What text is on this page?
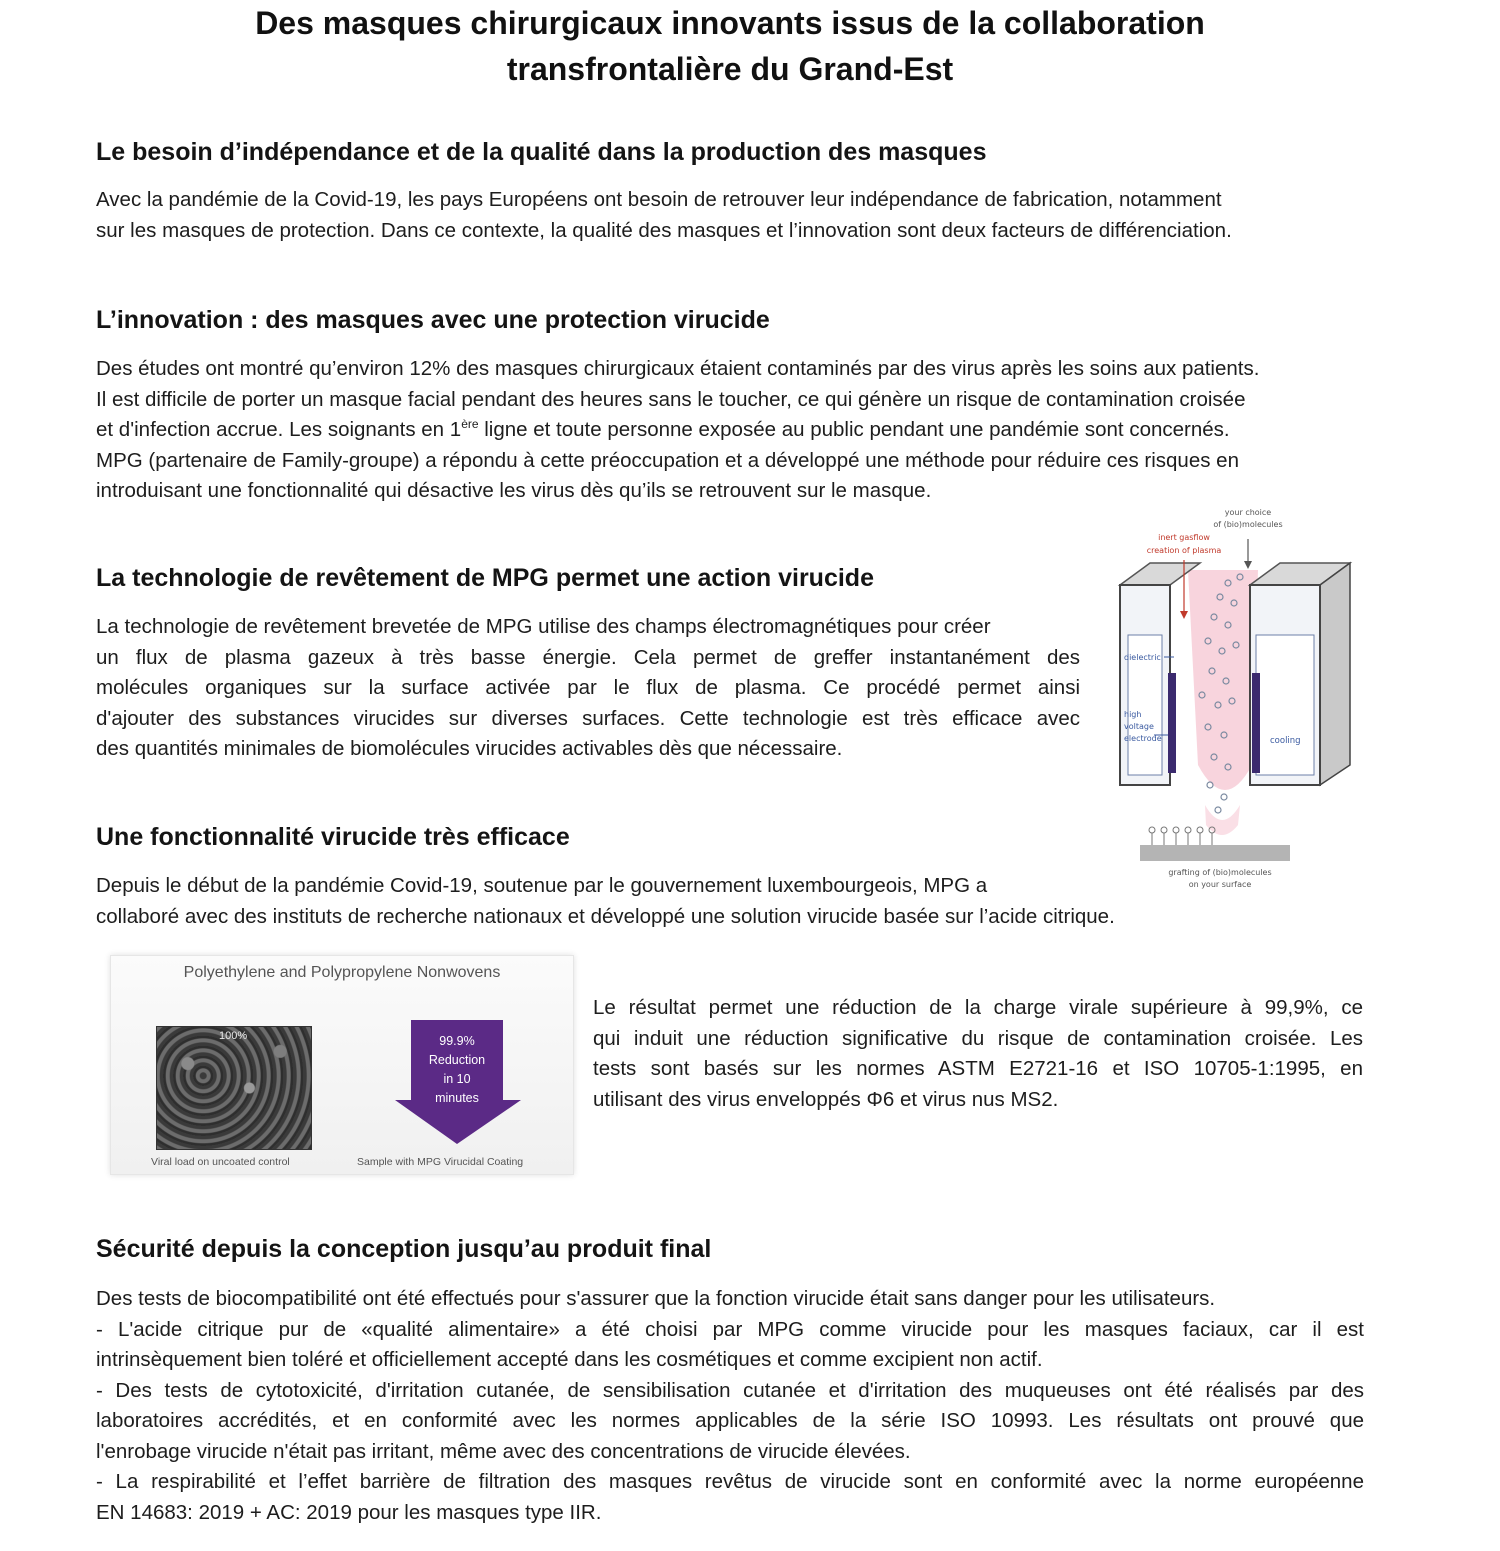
Des masques chirurgicaux innovants issus de la collaboration
transfrontalière du Grand-Est
Le besoin d’indépendance et de la qualité dans la production des masques
Avec la pandémie de la Covid-19, les pays Européens ont besoin de retrouver leur indépendance de fabrication, notamment
sur les masques de protection. Dans ce contexte, la qualité des masques et l’innovation sont deux facteurs de différenciation.
L’innovation : des masques avec une protection virucide
Des études ont montré qu’environ 12% des masques chirurgicaux étaient contaminés par des virus après les soins aux patients.
Il est difficile de porter un masque facial pendant des heures sans le toucher, ce qui génère un risque de contamination croisée
et d'infection accrue. Les soignants en 1ère ligne et toute personne exposée au public pendant une pandémie sont concernés.
MPG (partenaire de Family-groupe) a répondu à cette préoccupation et a développé une méthode pour réduire ces risques en
introduisant une fonctionnalité qui désactive les virus dès qu’ils se retrouvent sur le masque.
La technologie de revêtement de MPG permet une action virucide
La technologie de revêtement brevetée de MPG utilise des champs électromagnétiques pour créer
un flux de plasma gazeux à très basse énergie. Cela permet de greffer instantanément des
molécules organiques sur la surface activée par le flux de plasma. Ce procédé permet ainsi
d'ajouter des substances virucides sur diverses surfaces. Cette technologie est très efficace avec
des quantités minimales de biomolécules virucides activables dès que nécessaire.
your choice
of (bio)molecules
inert gasflow
creation of plasma
dielectric
high
voltage
electrode	cooling
grafting of (bio)molecules
on your surface
Une fonctionnalité virucide très efficace
Depuis le début de la pandémie Covid-19, soutenue par le gouvernement luxembourgeois, MPG a
collaboré avec des instituts de recherche nationaux et développé une solution virucide basée sur l’acide citrique.
Polyethylene and Polypropylene Nonwovens
100%	99.9%
Reduction
in 10
minutes
Viral load on uncoated control	Sample with MPG Virucidal Coating
Le résultat permet une réduction de la charge virale supérieure à 99,9%, ce
qui induit une réduction significative du risque de contamination croisée. Les
tests sont basés sur les normes ASTM E2721-16 et ISO 10705-1:1995, en
utilisant des virus enveloppés Φ6 et virus nus MS2.
Sécurité depuis la conception jusqu’au produit final
Des tests de biocompatibilité ont été effectués pour s'assurer que la fonction virucide était sans danger pour les utilisateurs.
- L'acide citrique pur de «qualité alimentaire» a été choisi par MPG comme virucide pour les masques faciaux, car il est
intrinsèquement bien toléré et officiellement accepté dans les cosmétiques et comme excipient non actif.
- Des tests de cytotoxicité, d'irritation cutanée, de sensibilisation cutanée et d'irritation des muqueuses ont été réalisés par des
laboratoires accrédités, et en conformité avec les normes applicables de la série ISO 10993. Les résultats ont prouvé que
l'enrobage virucide n'était pas irritant, même avec des concentrations de virucide élevées.
- La respirabilité et l’effet barrière de filtration des masques revêtus de virucide sont en conformité avec la norme européenne
EN 14683: 2019 + AC: 2019 pour les masques type IIR.
